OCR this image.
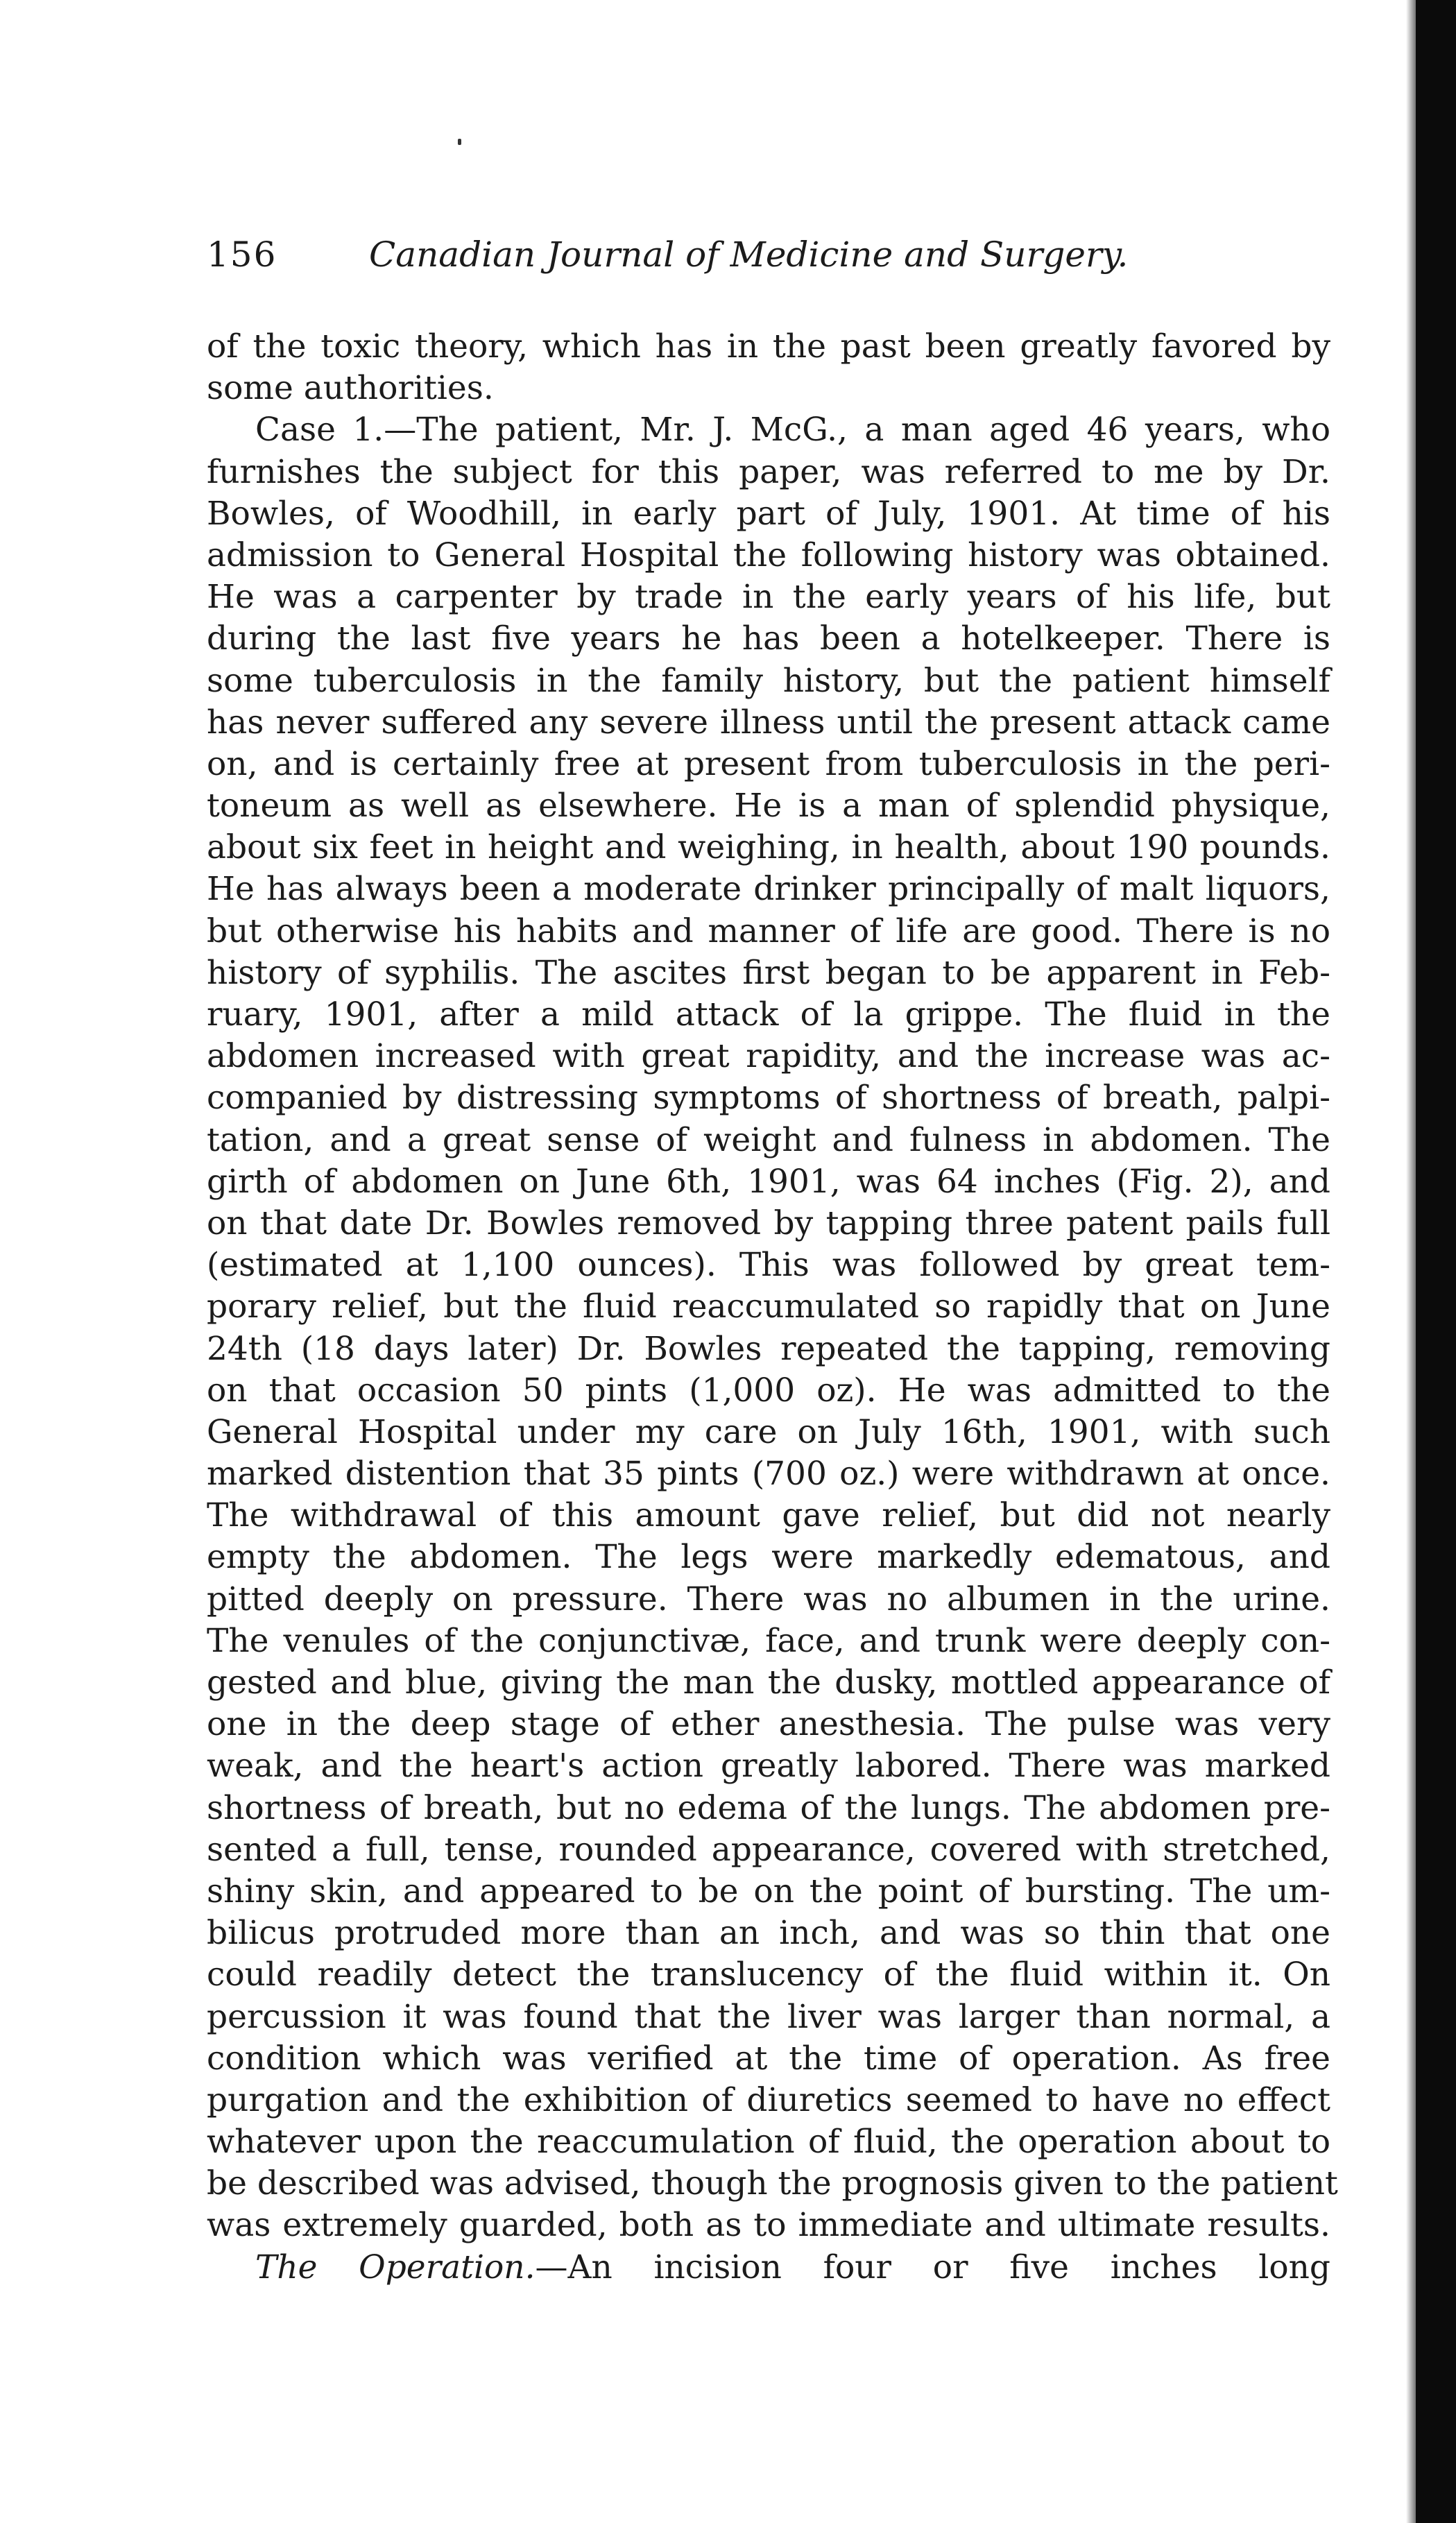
156	Canadian Journal of Medicine and Surgery.
of the toxic theory, which has in the past been greatly favored by
some authorities.
Case 1.—The patient, Mr. J. McG., a man aged 46 years, who
furnishes the subject for this paper, was referred to me by Dr.
Bowles, of Woodhill, in early part of July, 1901. At time of his
admission to General Hospital the following history was obtained.
He was a carpenter by trade in the early years of his life, but
during the last five years he has been a hotelkeeper. There is
some tuberculosis in the family history, but the patient himself
has never suffered any severe illness until the present attack came
on, and is certainly free at present from tuberculosis in the peri-
toneum as well as elsewhere. He is a man of splendid physique,
about six feet in height and weighing, in health, about 190 pounds.
He has always been a moderate drinker principally of malt liquors,
but otherwise his habits and manner of life are good. There is no
history of syphilis. The ascites first began to be apparent in Feb-
ruary, 1901, after a mild attack of la grippe. The fluid in the
abdomen increased with great rapidity, and the increase was ac-
companied by distressing symptoms of shortness of breath, palpi-
tation, and a great sense of weight and fulness in abdomen. The
girth of abdomen on June 6th, 1901, was 64 inches (Fig. 2), and
on that date Dr. Bowles removed by tapping three patent pails full
(estimated at 1,100 ounces). This was followed by great tem-
porary relief, but the fluid reaccumulated so rapidly that on June
24th (18 days later) Dr. Bowles repeated the tapping, removing
on that occasion 50 pints (1,000 oz). He was admitted to the
General Hospital under my care on July 16th, 1901, with such
marked distention that 35 pints (700 oz.) were withdrawn at once.
The withdrawal of this amount gave relief, but did not nearly
empty the abdomen. The legs were markedly edematous, and
pitted deeply on pressure. There was no albumen in the urine.
The venules of the conjunctivæ, face, and trunk were deeply con-
gested and blue, giving the man the dusky, mottled appearance of
one in the deep stage of ether anesthesia. The pulse was very
weak, and the heart's action greatly labored. There was marked
shortness of breath, but no edema of the lungs. The abdomen pre-
sented a full, tense, rounded appearance, covered with stretched,
shiny skin, and appeared to be on the point of bursting. The um-
bilicus protruded more than an inch, and was so thin that one
could readily detect the translucency of the fluid within it. On
percussion it was found that the liver was larger than normal, a
condition which was verified at the time of operation. As free
purgation and the exhibition of diuretics seemed to have no effect
whatever upon the reaccumulation of fluid, the operation about to
be described was advised, though the prognosis given to the patient
was extremely guarded, both as to immediate and ultimate results.
The Operation.—An incision four or five inches long
